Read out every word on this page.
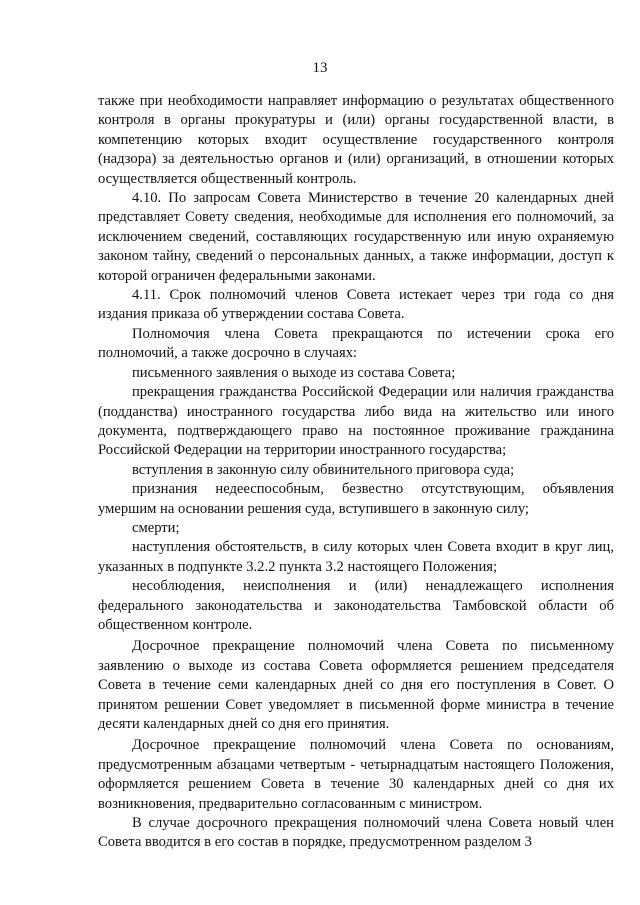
13

также при необходимости направляет информацию о результатах общественного контроля в органы прокуратуры и (или) органы государственной власти, в компетенцию которых входит осуществление государственного контроля (надзора) за деятельностью органов и (или) организаций, в отношении которых осуществляется общественный контроль.

4.10. По запросам Совета Министерство в течение 20 календарных дней представляет Совету сведения, необходимые для исполнения его полномочий, за исключением сведений, составляющих государственную или иную охраняемую законом тайну, сведений о персональных данных, а также информации, доступ к которой ограничен федеральными законами.

4.11. Срок полномочий членов Совета истекает через три года со дня издания приказа об утверждении состава Совета.

Полномочия члена Совета прекращаются по истечении срока его полномочий, а также досрочно в случаях:

письменного заявления о выходе из состава Совета;

прекращения гражданства Российской Федерации или наличия гражданства (подданства) иностранного государства либо вида на жительство или иного документа, подтверждающего право на постоянное проживание гражданина Российской Федерации на территории иностранного государства;

вступления в законную силу обвинительного приговора суда;

признания недееспособным, безвестно отсутствующим, объявления умершим на основании решения суда, вступившего в законную силу;

смерти;

наступления обстоятельств, в силу которых член Совета входит в круг лиц, указанных в подпункте 3.2.2 пункта 3.2 настоящего Положения;

несоблюдения, неисполнения и (или) ненадлежащего исполнения федерального законодательства и законодательства Тамбовской области об общественном контроле.

Досрочное прекращение полномочий члена Совета по письменному заявлению о выходе из состава Совета оформляется решением председателя Совета в течение семи календарных дней со дня его поступления в Совет. О принятом решении Совет уведомляет в письменной форме министра в течение десяти календарных дней со дня его принятия.

Досрочное прекращение полномочий члена Совета по основаниям, предусмотренным абзацами четвертым - четырнадцатым настоящего Положения, оформляется решением Совета в течение 30 календарных дней со дня их возникновения, предварительно согласованным с министром.

В случае досрочного прекращения полномочий члена Совета новый член Совета вводится в его состав в порядке, предусмотренном разделом 3
